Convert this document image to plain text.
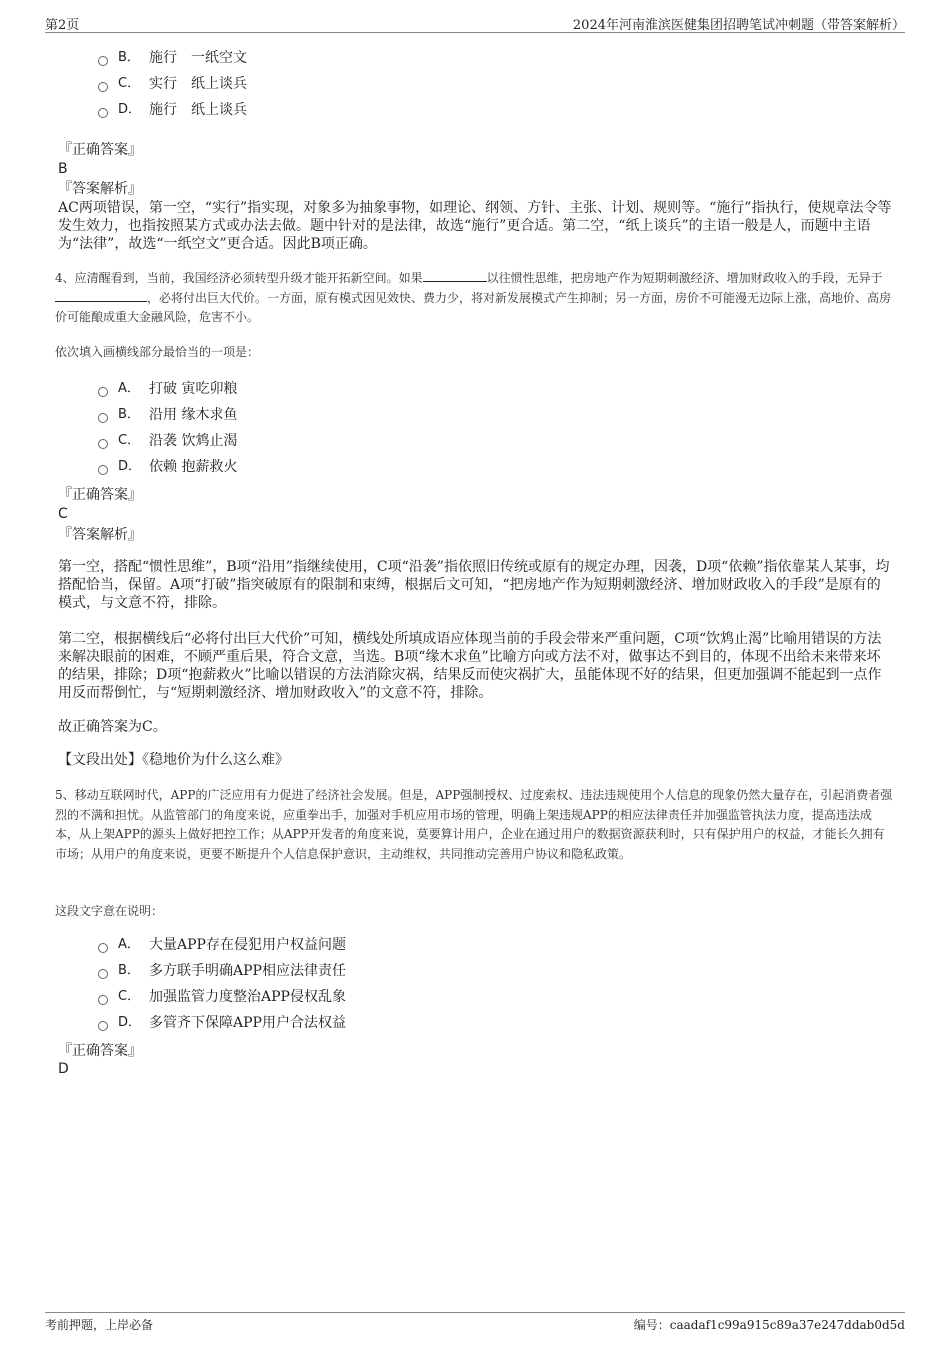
第2页	2024年河南淮滨医健集团招聘笔试冲刺题（带答案解析）
B． 施行　一纸空文
C． 实行　纸上谈兵
D． 施行　纸上谈兵
『正确答案』
B
『答案解析』
AC两项错误，第一空，“实行”指实现，对象多为抽象事物，如理论、纲领、方针、主张、计划、规则等。“施行”指执行，使规章法令等发生效力，也指按照某方式或办法去做。题中针对的是法律，故选“施行”更合适。第二空，“纸上谈兵”的主语一般是人，而题中主语为“法律”，故选“一纸空文”更合适。因此B项正确。
4、应清醒看到，当前，我国经济必须转型升级才能开拓新空间。如果	以往惯性思维，把房地产作为短期刺激经济、增加财政收入的手段，无异于，必将付出巨大代价。一方面，原有模式因见效快、费力少，将对新发展模式产生抑制；另一方面，房价不可能漫无边际上涨，高地价、高房价可能酿成重大金融风险，危害不小。
依次填入画横线部分最恰当的一项是：
A． 打破 寅吃卯粮
B． 沿用 缘木求鱼
C． 沿袭 饮鸩止渴
D． 依赖 抱薪救火
『正确答案』
C
『答案解析』
第一空，搭配“惯性思维”，B项“沿用”指继续使用，C项“沿袭”指依照旧传统或原有的规定办理，因袭，D项“依赖”指依靠某人某事，均搭配恰当，保留。A项“打破”指突破原有的限制和束缚，根据后文可知，“把房地产作为短期刺激经济、增加财政收入的手段”是原有的模式，与文意不符，排除。
第二空，根据横线后“必将付出巨大代价”可知，横线处所填成语应体现当前的手段会带来严重问题，C项“饮鸩止渴”比喻用错误的方法来解决眼前的困难，不顾严重后果，符合文意，当选。B项“缘木求鱼”比喻方向或方法不对，做事达不到目的，体现不出给未来带来坏的结果，排除；D项“抱薪救火”比喻以错误的方法消除灾祸，结果反而使灾祸扩大，虽能体现不好的结果，但更加强调不能起到一点作用反而帮倒忙，与“短期刺激经济、增加财政收入”的文意不符，排除。
故正确答案为C。
【文段出处】《稳地价为什么这么难》
5、移动互联网时代，APP的广泛应用有力促进了经济社会发展。但是，APP强制授权、过度索权、违法违规使用个人信息的现象仍然大量存在，引起消费者强烈的不满和担忧。从监管部门的角度来说，应重拳出手，加强对手机应用市场的管理，明确上架违规APP的相应法律责任并加强监管执法力度，提高违法成本，从上架APP的源头上做好把控工作；从APP开发者的角度来说，莫要算计用户，企业在通过用户的数据资源获利时，只有保护用户的权益，才能长久拥有市场；从用户的角度来说，更要不断提升个人信息保护意识，主动维权，共同推动完善用户协议和隐私政策。
这段文字意在说明：
A． 大量APP存在侵犯用户权益问题
B． 多方联手明确APP相应法律责任
C． 加强监管力度整治APP侵权乱象
D． 多管齐下保障APP用户合法权益
『正确答案』
D
考前押题，上岸必备	编号：caadaf1c99a915c89a37e247ddab0d5d
